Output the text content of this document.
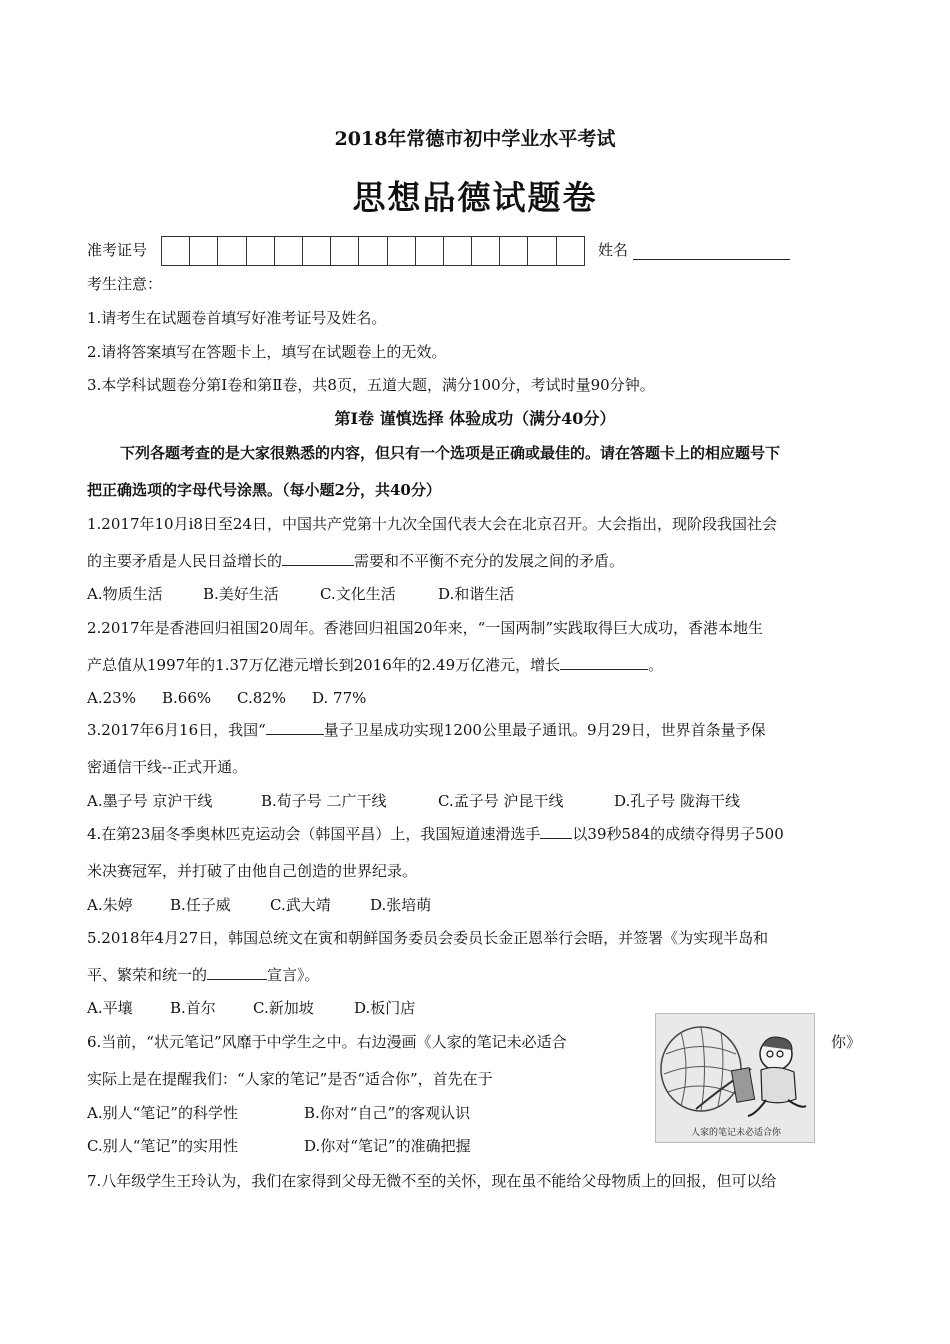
2018年常德市初中学业水平考试
思想品德试题卷
准考证号	姓名
考生注意：
1.请考生在试题卷首填写好准考证号及姓名。
2.请将答案填写在答题卡上，填写在试题卷上的无效。
3.本学科试题卷分第Ⅰ卷和第Ⅱ卷，共8页，五道大题，满分100分，考试时量90分钟。
第Ⅰ卷 谨慎选择 体验成功（满分40分）
下列各题考查的是大家很熟悉的内容，但只有一个选项是正确或最佳的。请在答题卡上的相应题号下
把正确选项的字母代号涂黑。（每小题2分，共40分）
1.2017年10月i8日至24日，中国共产党第十九次全国代表大会在北京召开。大会指出，现阶段我国社会
的主要矛盾是人民日益增长的	需要和不平衡不充分的发展之间的矛盾。
A.物质生活	B.美好生活	C.文化生活	D.和谐生活
2.2017年是香港回归祖国20周年。香港回归祖国20年来，“一国两制”实践取得巨大成功，香港本地生
产总值从1997年的1.37万亿港元增长到2016年的2.49万亿港元，增长	。
A.23% B.66% C.82% D. 77%
3.2017年6月16日，我国“	量子卫星成功实现1200公里最子通讯。9月29日，世界首条量予保
密通信干线--正式开通。
A.墨子号 京沪干线	B.荀子号 二广干线	C.孟子号 沪昆干线	D.孔子号 陇海干线
4.在第23届冬季奥林匹克运动会（韩国平昌）上，我国短道速滑选手 以39秒584的成绩夺得男子500
米决赛冠军，并打破了由他自己创造的世界纪录。
A.朱婷 B.任子威	C.武大靖	D.张培萌
5.2018年4月27日，韩国总统文在寅和朝鲜国务委员会委员长金正恩举行会晤，并签署《为实现半岛和
平、繁荣和统一的	宣言》。
A.平壤 B.首尔 C.新加坡	D.板门店
6.当前，“状元笔记”风靡于中学生之中。右边漫画《人家的笔记未必适合	你》
实际上是在提醒我们：“人家的笔记”是否“适合你”，首先在于
A.别人“笔记”的科学性	B.你对“自己”的客观认识
C.别人“笔记”的实用性	D.你对“笔记”的准确把握
人家的笔记未必适合你
7.八年级学生王玲认为，我们在家得到父母无微不至的关怀，现在虽不能给父母物质上的回报，但可以给
